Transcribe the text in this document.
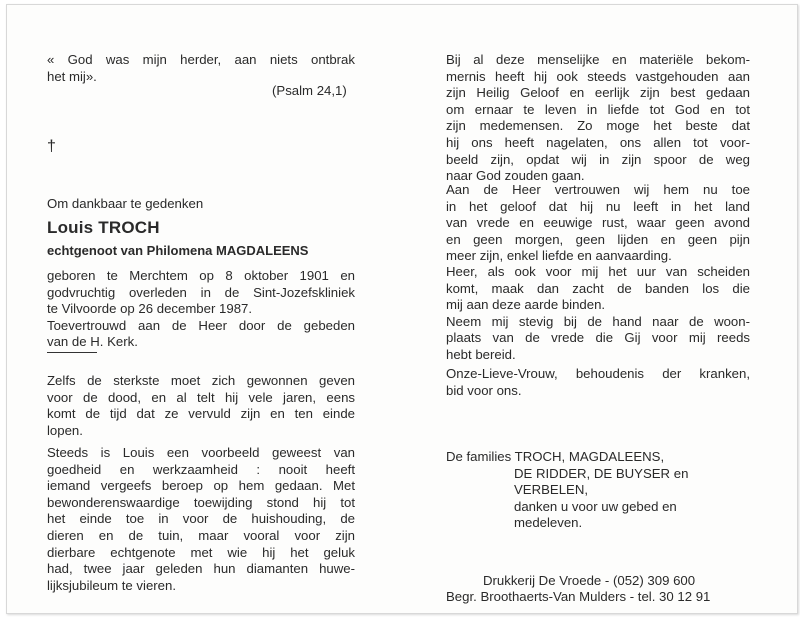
« God was mijn herder, aan niets ontbrak
het mij».
(Psalm 24,1)
†
Om dankbaar te gedenken
Louis TROCH
echtgenoot van Philomena MAGDALEENS
geboren te Merchtem op 8 oktober 1901 en
godvruchtig overleden in de Sint-Jozefskliniek
te Vilvoorde op 26 december 1987.
Toevertrouwd aan de Heer door de gebeden
van de H. Kerk.
Zelfs de sterkste moet zich gewonnen geven
voor de dood, en al telt hij vele jaren, eens
komt de tijd dat ze vervuld zijn en ten einde
lopen.
Steeds is Louis een voorbeeld geweest van
goedheid en werkzaamheid : nooit heeft
iemand vergeefs beroep op hem gedaan. Met
bewonderenswaardige toewijding stond hij tot
het einde toe in voor de huishouding, de
dieren en de tuin, maar vooral voor zijn
dierbare echtgenote met wie hij het geluk
had, twee jaar geleden hun diamanten huwe-
lijksjubileum te vieren.
Bij al deze menselijke en materiële bekom-
mernis heeft hij ook steeds vastgehouden aan
zijn Heilig Geloof en eerlijk zijn best gedaan
om ernaar te leven in liefde tot God en tot
zijn medemensen. Zo moge het beste dat
hij ons heeft nagelaten, ons allen tot voor-
beeld zijn, opdat wij in zijn spoor de weg
naar God zouden gaan.
Aan de Heer vertrouwen wij hem nu toe
in het geloof dat hij nu leeft in het land
van vrede en eeuwige rust, waar geen avond
en geen morgen, geen lijden en geen pijn
meer zijn, enkel liefde en aanvaarding.
Heer, als ook voor mij het uur van scheiden
komt, maak dan zacht de banden los die
mij aan deze aarde binden.
Neem mij stevig bij de hand naar de woon-
plaats van de vrede die Gij voor mij reeds
hebt bereid.
Onze-Lieve-Vrouw, behoudenis der kranken,
bid voor ons.
De families TROCH, MAGDALEENS,
DE RIDDER, DE BUYSER en
VERBELEN,
danken u voor uw gebed en
medeleven.
Drukkerij De Vroede - (052) 309 600
Begr. Broothaerts-Van Mulders - tel. 30 12 91
